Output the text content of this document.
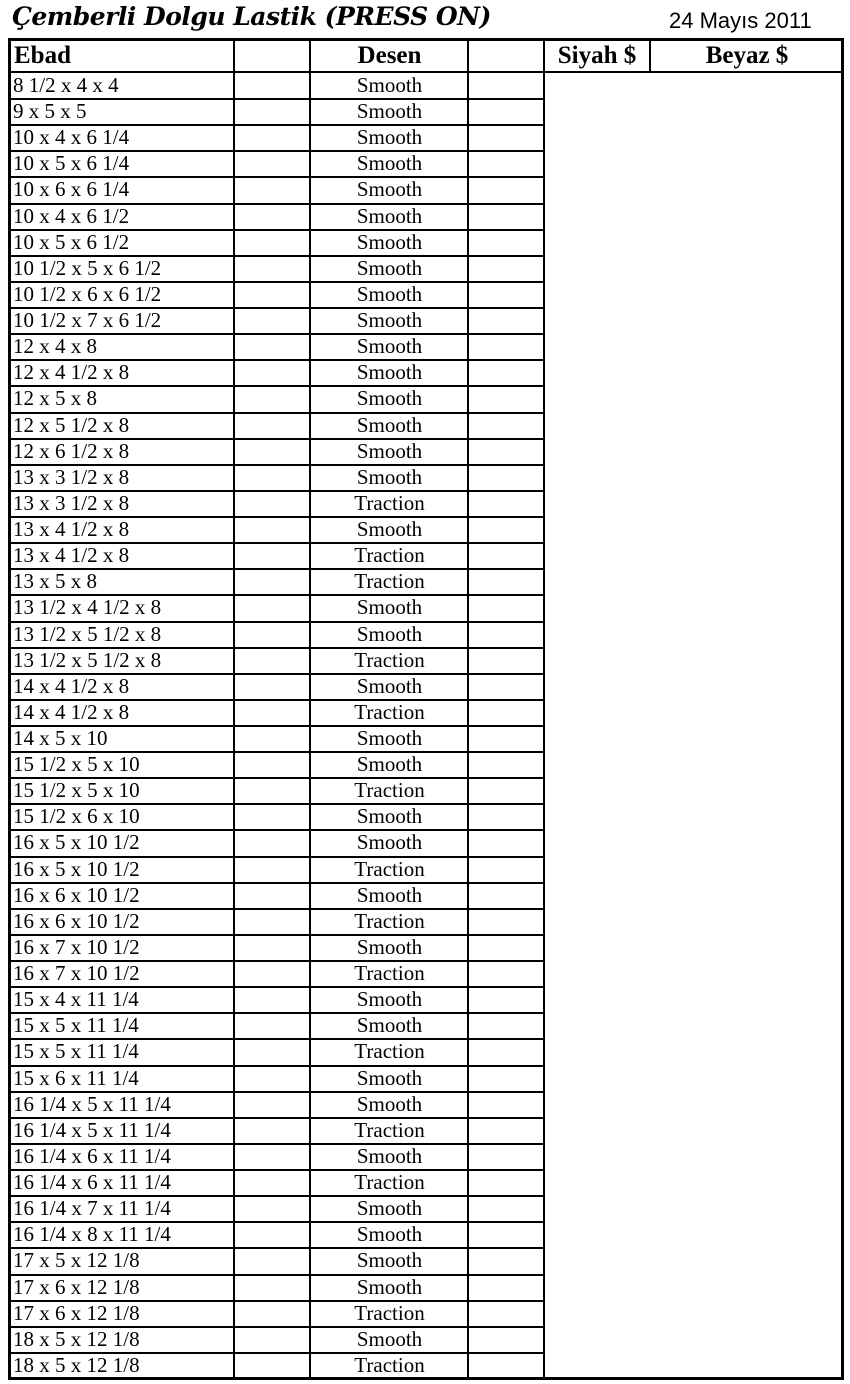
Çemberli Dolgu Lastik (PRESS ON)	24 Mayıs 2011
Ebad	Desen	Siyah $	Beyaz $
8 1/2 x 4 x 4	Smooth
9 x 5 x 5	Smooth
10 x 4 x 6 1/4	Smooth
10 x 5 x 6 1/4	Smooth
10 x 6 x 6 1/4	Smooth
10 x 4 x 6 1/2	Smooth
10 x 5 x 6 1/2	Smooth
10 1/2 x 5 x 6 1/2	Smooth
10 1/2 x 6 x 6 1/2	Smooth
10 1/2 x 7 x 6 1/2	Smooth
12 x 4 x 8	Smooth
12 x 4 1/2 x 8	Smooth
12 x 5 x 8	Smooth
12 x 5 1/2 x 8	Smooth
12 x 6 1/2 x 8	Smooth
13 x 3 1/2 x 8	Smooth
13 x 3 1/2 x 8	Traction
13 x 4 1/2 x 8	Smooth
13 x 4 1/2 x 8	Traction
13 x 5 x 8	Traction
13 1/2 x 4 1/2 x 8	Smooth
13 1/2 x 5 1/2 x 8	Smooth
13 1/2 x 5 1/2 x 8	Traction
14 x 4 1/2 x 8	Smooth
14 x 4 1/2 x 8	Traction
14 x 5 x 10	Smooth
15 1/2 x 5 x 10	Smooth
15 1/2 x 5 x 10	Traction
15 1/2 x 6 x 10	Smooth
16 x 5 x 10 1/2	Smooth
16 x 5 x 10 1/2	Traction
16 x 6 x 10 1/2	Smooth
16 x 6 x 10 1/2	Traction
16 x 7 x 10 1/2	Smooth
16 x 7 x 10 1/2	Traction
15 x 4 x 11 1/4	Smooth
15 x 5 x 11 1/4	Smooth
15 x 5 x 11 1/4	Traction
15 x 6 x 11 1/4	Smooth
16 1/4 x 5 x 11 1/4	Smooth
16 1/4 x 5 x 11 1/4	Traction
16 1/4 x 6 x 11 1/4	Smooth
16 1/4 x 6 x 11 1/4	Traction
16 1/4 x 7 x 11 1/4	Smooth
16 1/4 x 8 x 11 1/4	Smooth
17 x 5 x 12 1/8	Smooth
17 x 6 x 12 1/8	Smooth
17 x 6 x 12 1/8	Traction
18 x 5 x 12 1/8	Smooth
18 x 5 x 12 1/8	Traction
